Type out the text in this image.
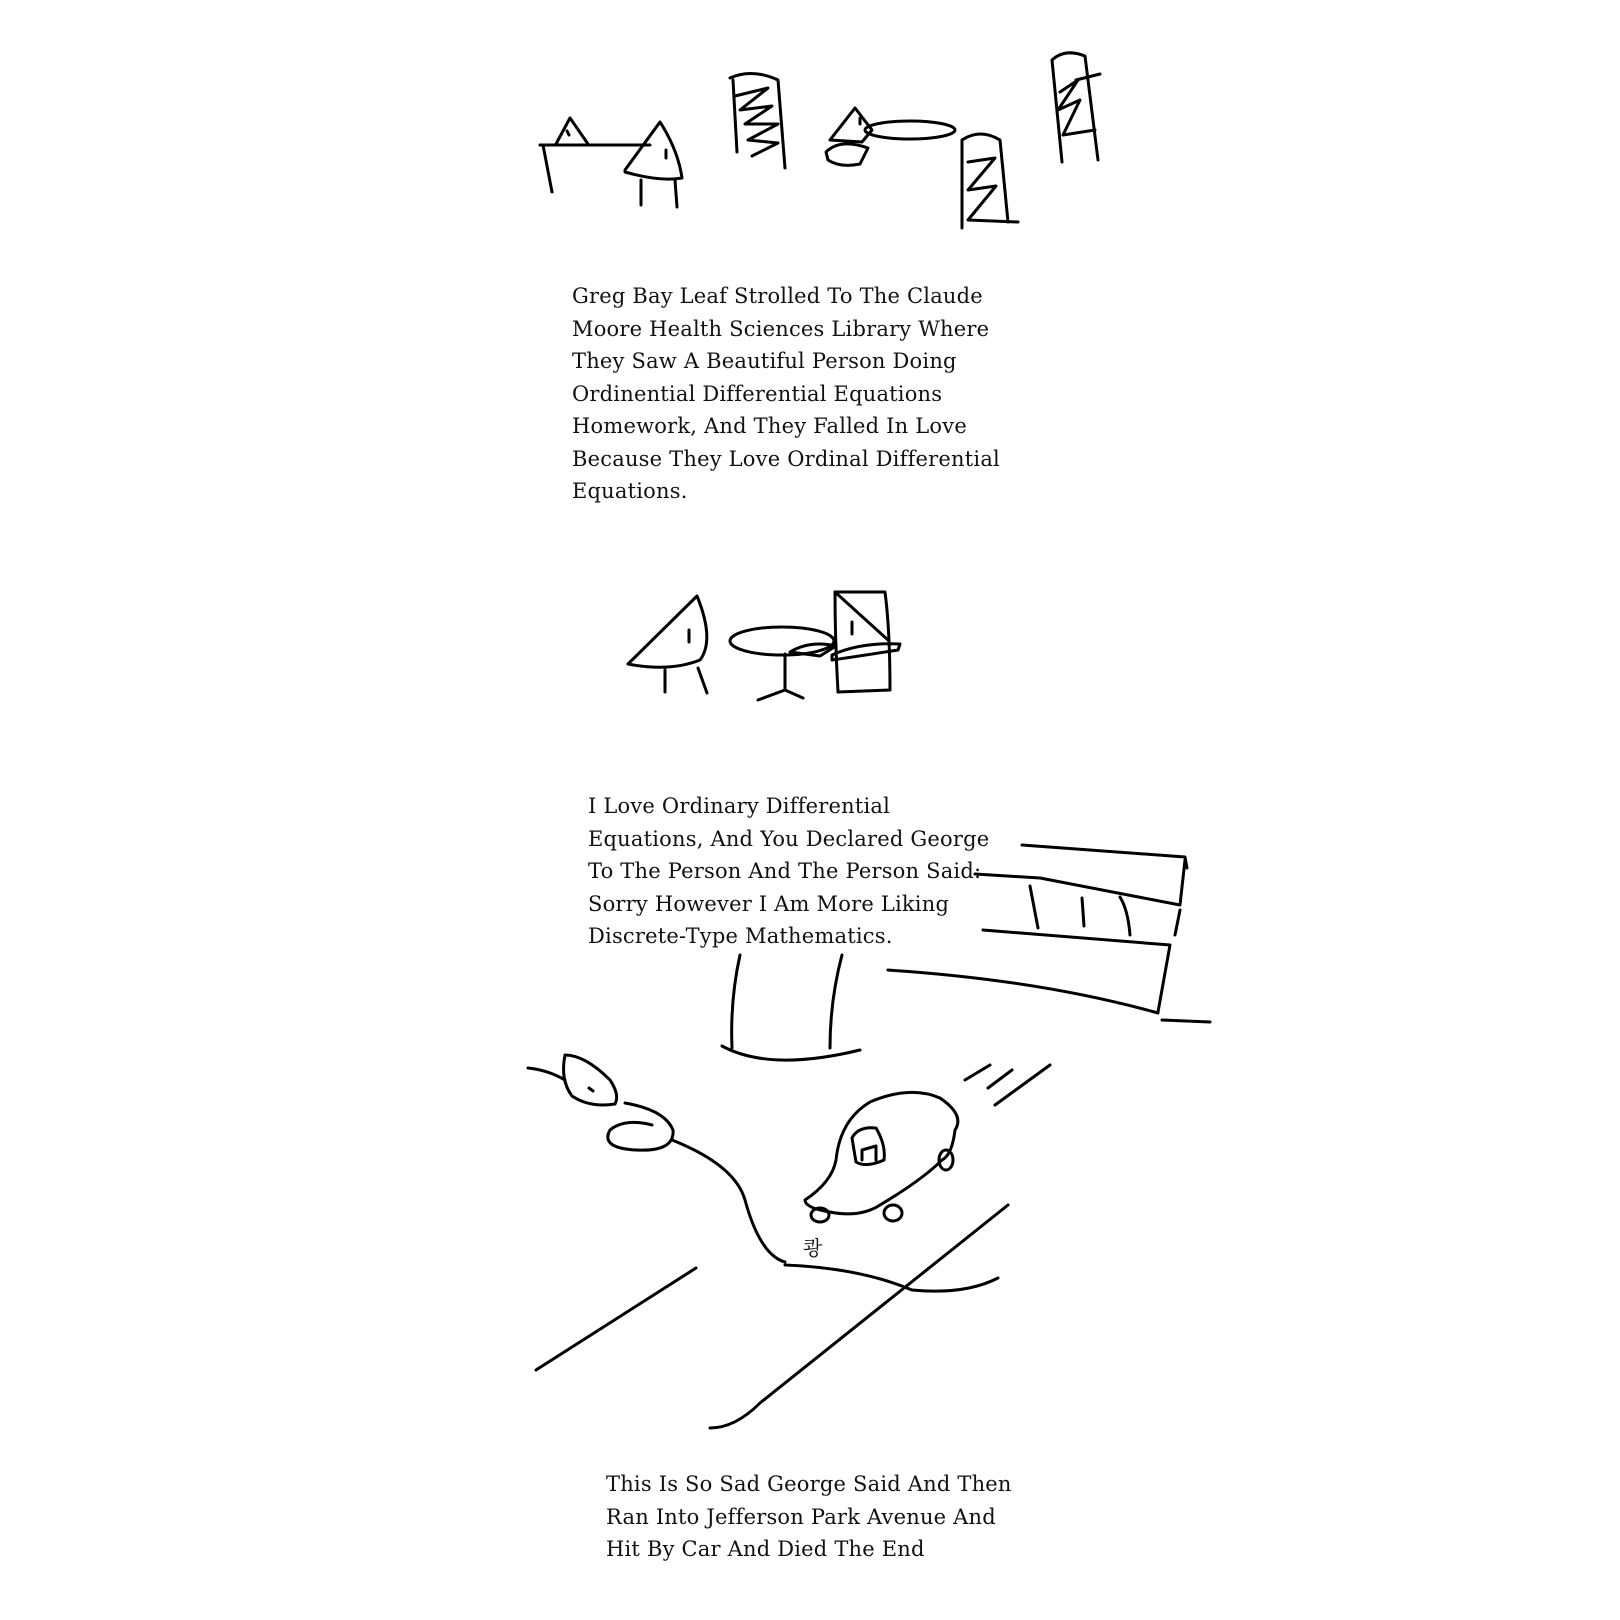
Greg Bay Leaf Strolled To The Claude Moore Health Sciences Library Where They Saw A Beautiful Person Doing Ordinential Differential Equations Homework, And They Falled In Love Because They Love Ordinal Differential Equations.
I Love Ordinary Differential Equations, And You Declared George To The Person And The Person Said: Sorry However I Am More Liking Discrete-Type Mathematics.
쾅
This Is So Sad George Said And Then Ran Into Jefferson Park Avenue And Hit By Car And Died The End
